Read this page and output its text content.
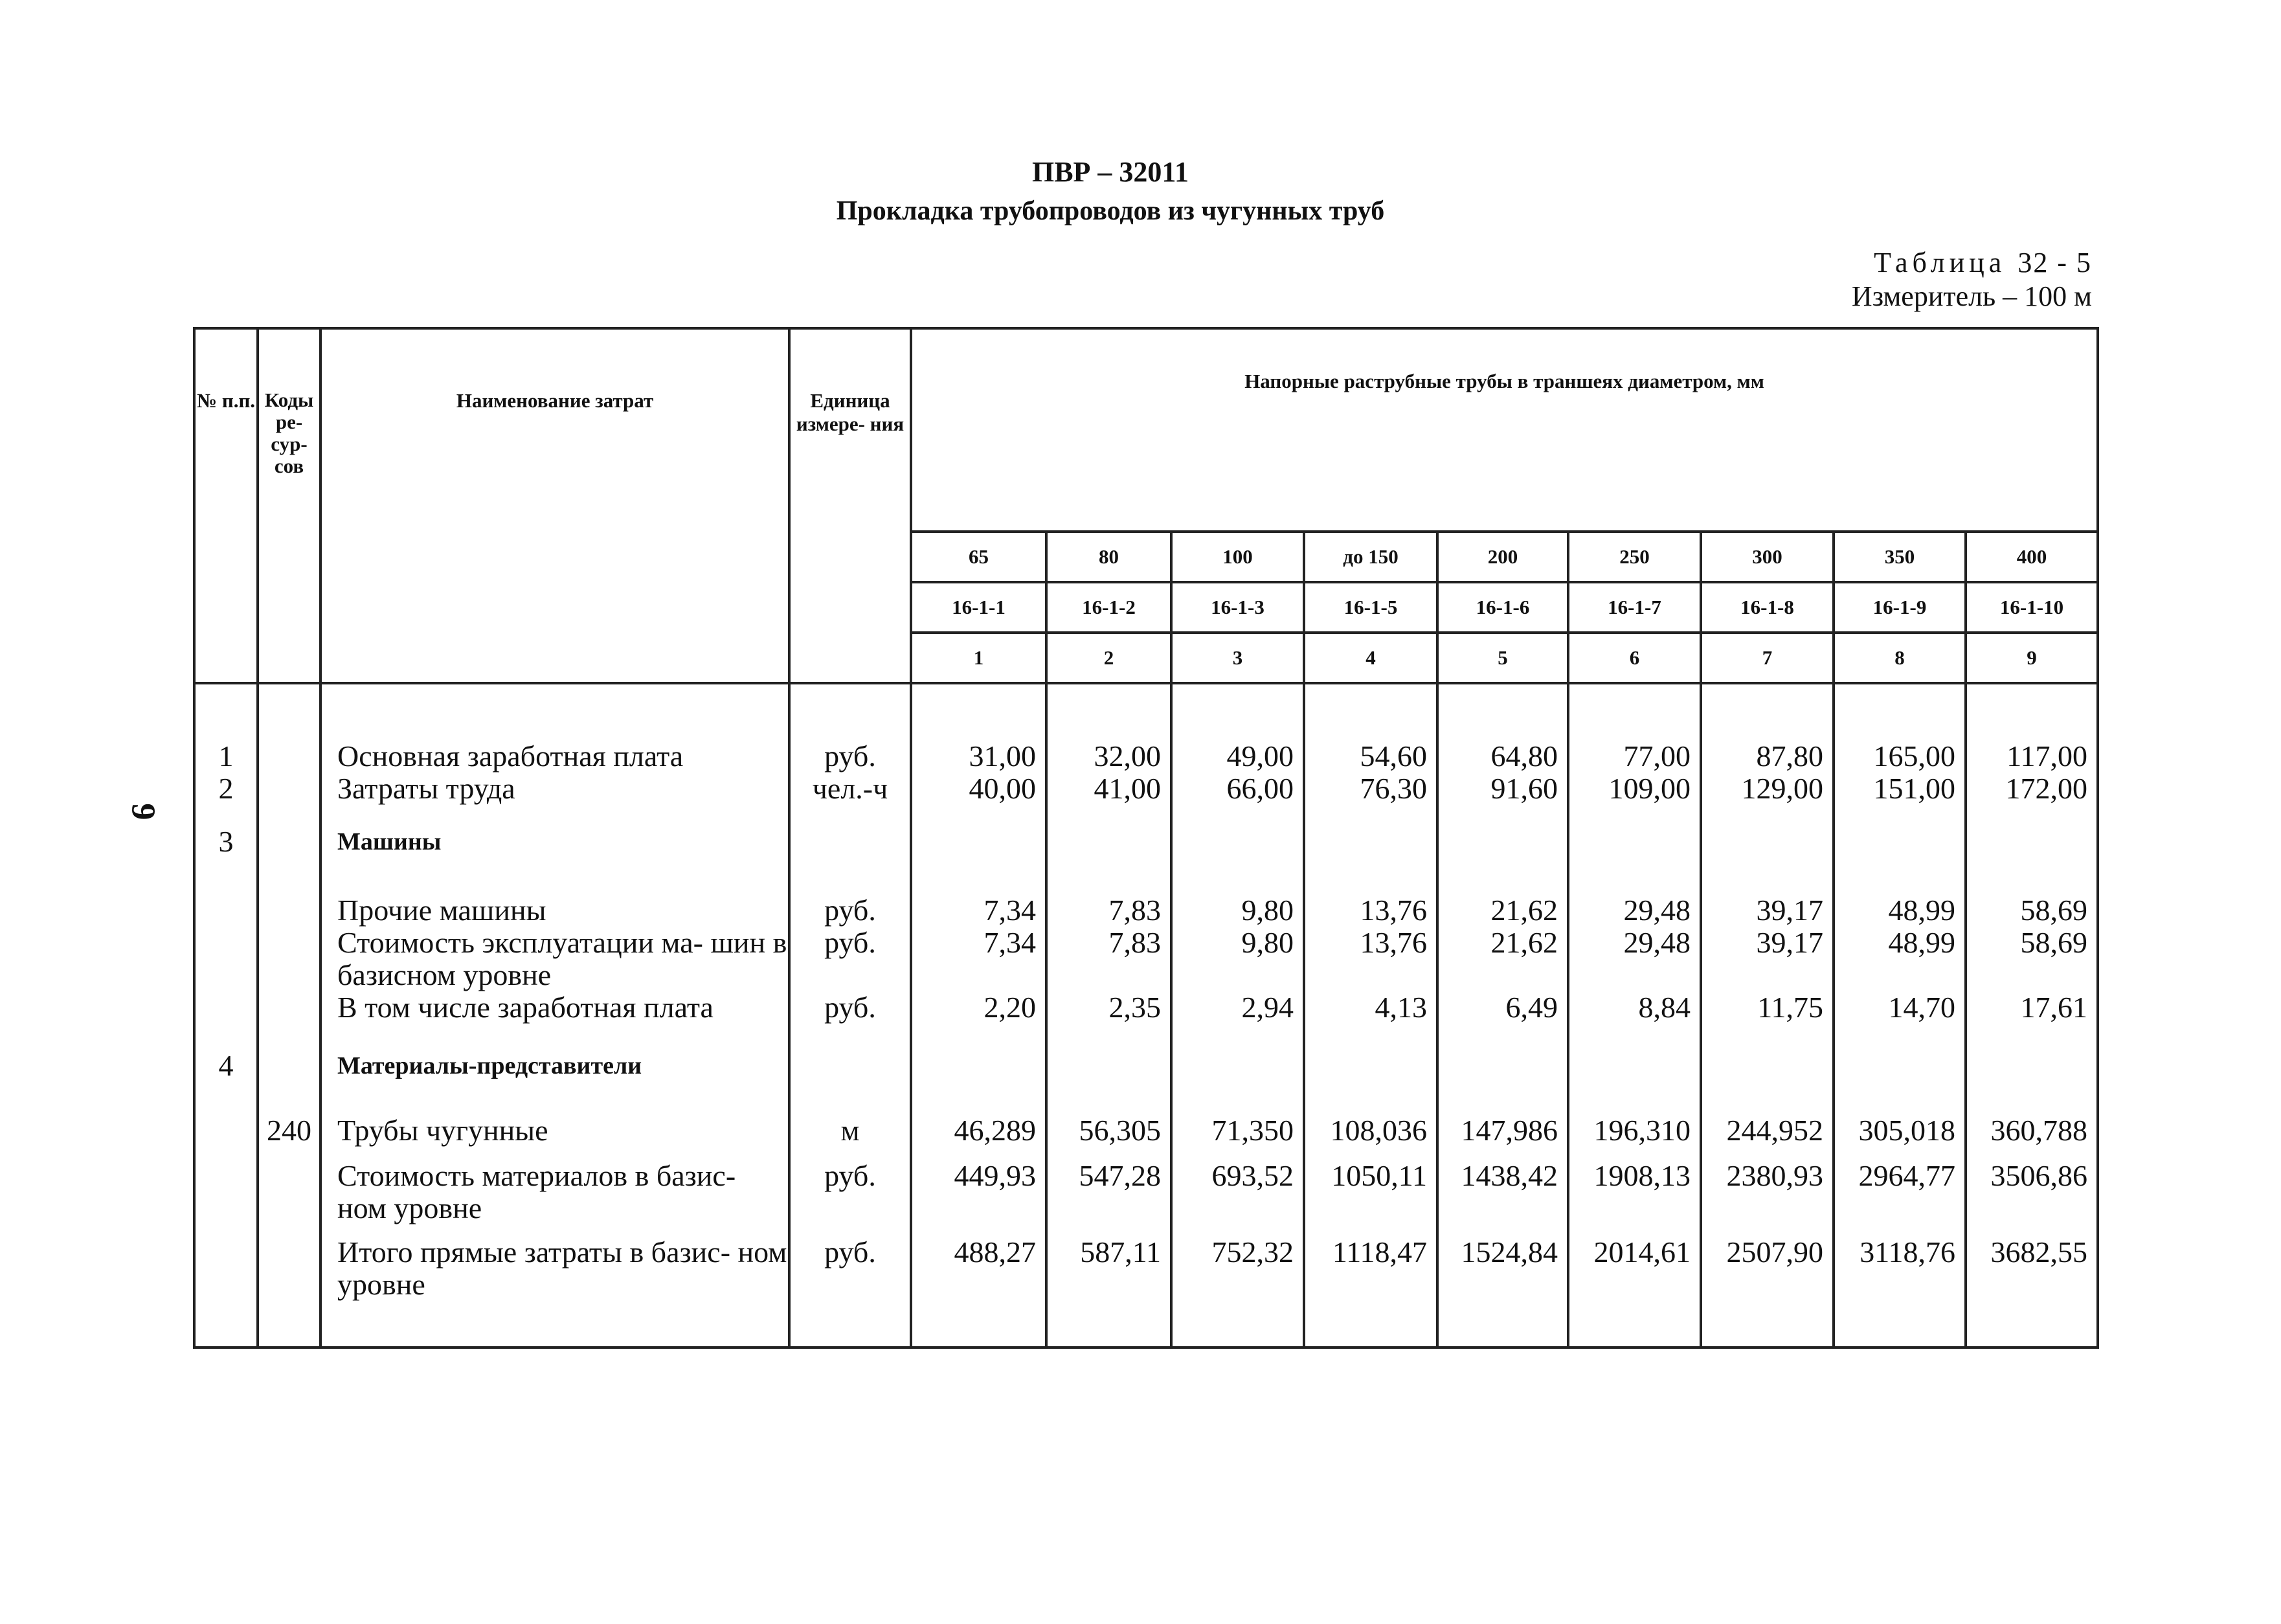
ПВР – 32011
Прокладка трубопроводов из чугунных труб
Таблица 32 - 5
Измеритель – 100 м
9
№ п.п.	Коды ре- сур- сов	Наименование затрат	Единица измере- ния	Напорные раструбные трубы в траншеях диаметром, мм								
				65	80	100	до 150	200	250	300	350	400
				16-1-1	16-1-2	16-1-3	16-1-5	16-1-6	16-1-7	16-1-8	16-1-9	16-1-10
				1	2	3	4	5	6	7	8	9
1		Основная заработная плата	руб.	31,00	32,00	49,00	54,60	64,80	77,00	87,80	165,00	117,00
2		Затраты труда	чел.-ч	40,00	41,00	66,00	76,30	91,60	109,00	129,00	151,00	172,00
3		Машины										
		Прочие машины	руб.	7,34	7,83	9,80	13,76	21,62	29,48	39,17	48,99	58,69
		Стоимость эксплуатации ма- шин в базисном уровне	руб.	7,34	7,83	9,80	13,76	21,62	29,48	39,17	48,99	58,69
		В том числе заработная плата	руб.	2,20	2,35	2,94	4,13	6,49	8,84	11,75	14,70	17,61
4		Материалы-представители										
	240	Трубы чугунные	м	46,289	56,305	71,350	108,036	147,986	196,310	244,952	305,018	360,788
		Стоимость материалов в базис- ном уровне	руб.	449,93	547,28	693,52	1050,11	1438,42	1908,13	2380,93	2964,77	3506,86
		Итого прямые затраты в базис- ном уровне	руб.	488,27	587,11	752,32	1118,47	1524,84	2014,61	2507,90	3118,76	3682,55
